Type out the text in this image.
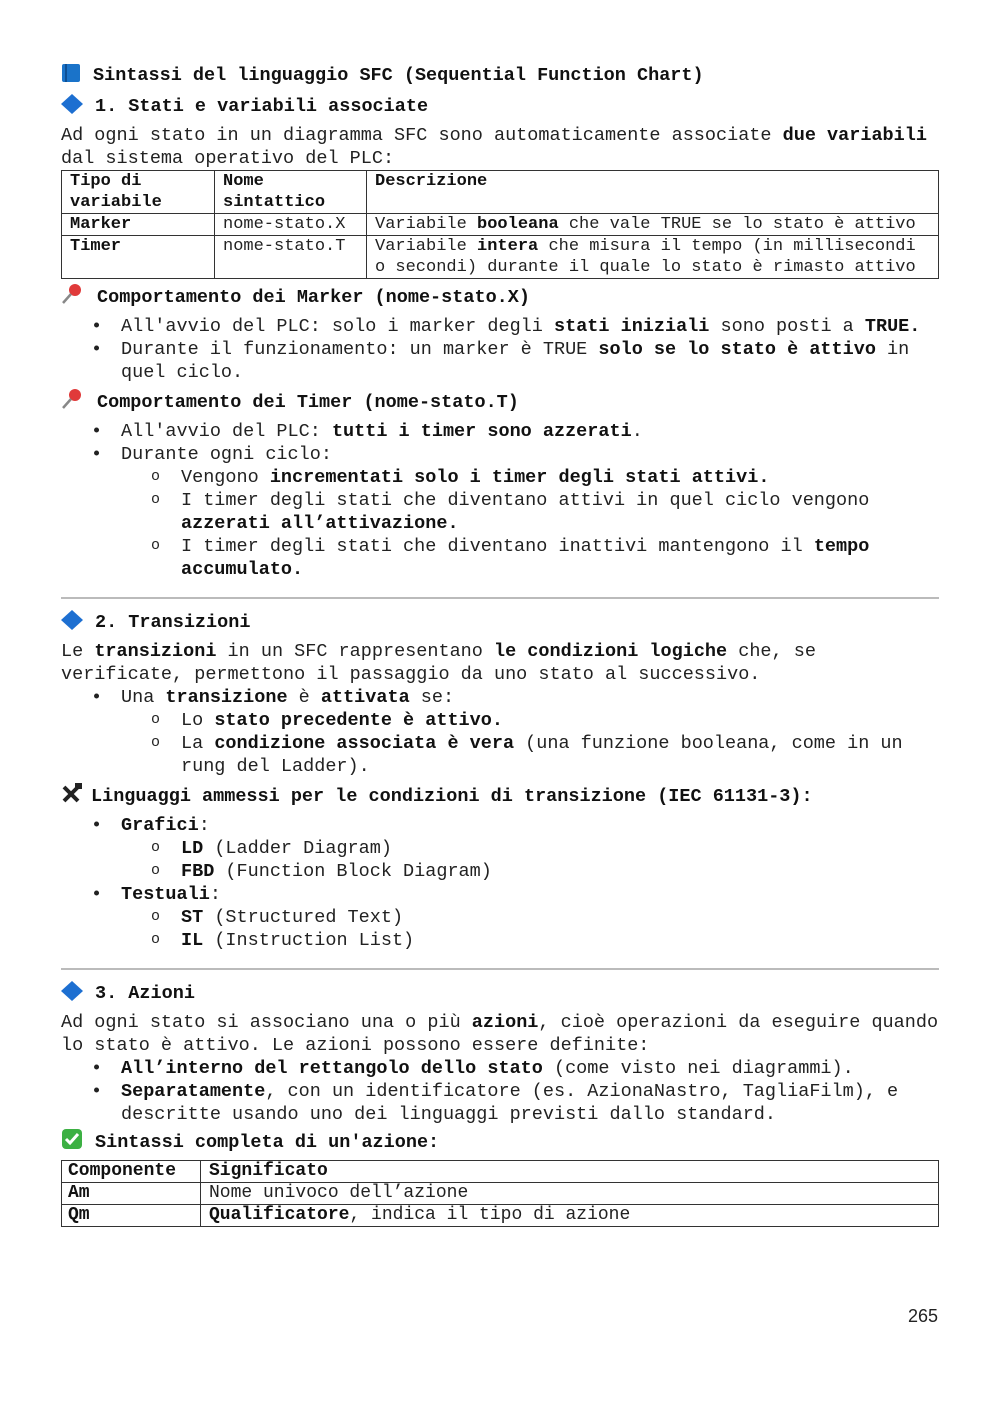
Sintassi del linguaggio SFC (Sequential Function Chart)
1. Stati e variabili associate

Ad ogni stato in un diagramma SFC sono automaticamente associate due variabili dal sistema operativo del PLC:

Tipo di variabile	Nome sintattico	Descrizione
Marker	nome-stato.X	Variabile booleana che vale TRUE se lo stato è attivo
Timer	nome-stato.T	Variabile intera che misura il tempo (in millisecondi o secondi) durante il quale lo stato è rimasto attivo
Comportamento dei Marker (nome-stato.X)
• All'avvio del PLC: solo i marker degli stati iniziali sono posti a TRUE.
• Durante il funzionamento: un marker è TRUE solo se lo stato è attivo in quel ciclo.
Comportamento dei Timer (nome-stato.T)
• All'avvio del PLC: tutti i timer sono azzerati.
• Durante ogni ciclo:
o Vengono incrementati solo i timer degli stati attivi.
o I timer degli stati che diventano attivi in quel ciclo vengono azzerati all’attivazione.
o I timer degli stati che diventano inattivi mantengono il tempo accumulato.
2. Transizioni

Le transizioni in un SFC rappresentano le condizioni logiche che, se verificate, permettono il passaggio da uno stato al successivo.

• Una transizione è attivata se:
o Lo stato precedente è attivo.
o La condizione associata è vera (una funzione booleana, come in un rung del Ladder).
Linguaggi ammessi per le condizioni di transizione (IEC 61131-3):
• Grafici:
o LD (Ladder Diagram)
o FBD (Function Block Diagram)
• Testuali:
o ST (Structured Text)
o IL (Instruction List)
3. Azioni

Ad ogni stato si associano una o più azioni, cioè operazioni da eseguire quando lo stato è attivo. Le azioni possono essere definite:

• All’interno del rettangolo dello stato (come visto nei diagrammi).
• Separatamente, con un identificatore (es. AzionaNastro, TagliaFilm), e descritte usando uno dei linguaggi previsti dallo standard.
Sintassi completa di un'azione:
Componente	Significato
Am	Nome univoco dell’azione
Qm	Qualificatore, indica il tipo di azione
265
